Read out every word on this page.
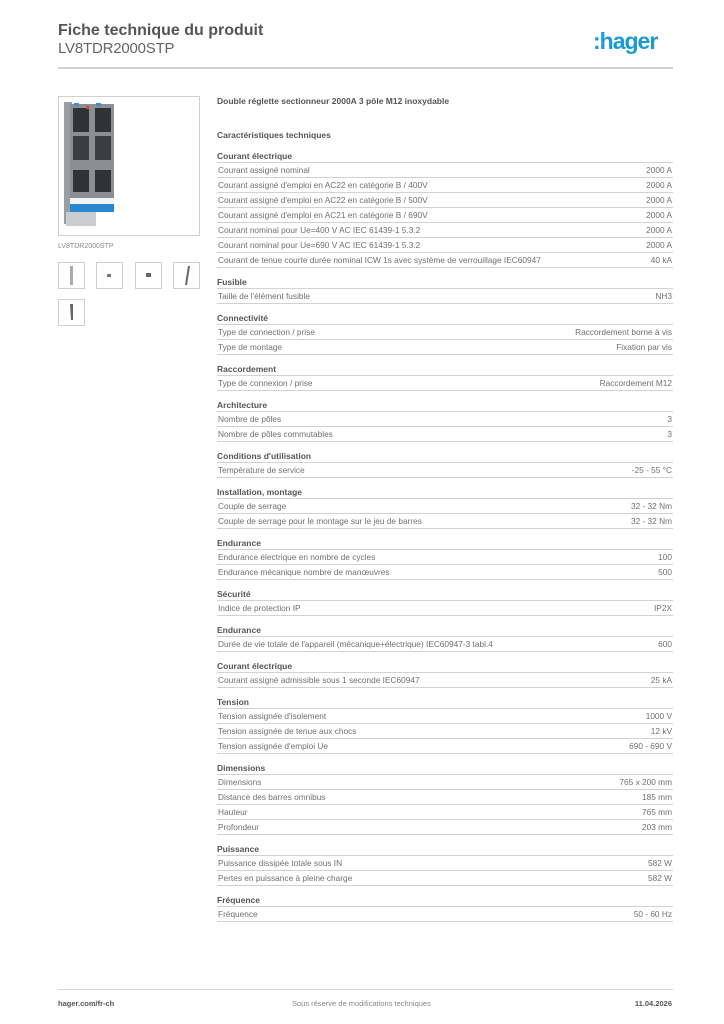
Fiche technique du produit
LV8TDR2000STP	:hager
LV8TDR2000STP
Double réglette sectionneur 2000A 3 pôle M12 inoxydable
Caractéristiques techniques
Courant électrique
Courant assigné nominal	2000 A
Courant assigné d'emploi en AC22 en catégorie B / 400V	2000 A
Courant assigné d'emploi en AC22 en catégorie B / 500V	2000 A
Courant assigné d'emploi en AC21 en catégorie B / 690V	2000 A
Courant nominal pour Ue=400 V AC IEC 61439-1 5.3.2	2000 A
Courant nominal pour Ue=690 V AC IEC 61439-1 5.3.2	2000 A
Courant de tenue courte durée nominal ICW 1s avec système de verrouillage IEC60947	40 kA
Fusible
Taille de l'élément fusible	NH3
Connectivité
Type de connection / prise	Raccordement borne à vis
Type de montage	Fixation par vis
Raccordement
Type de connexion / prise	Raccordement M12
Architecture
Nombre de pôles	3
Nombre de pôles commutables	3
Conditions d'utilisation
Température de service	-25 - 55 °C
Installation, montage
Couple de serrage	32 - 32 Nm
Couple de serrage pour le montage sur le jeu de barres	32 - 32 Nm
Endurance
Endurance électrique en nombre de cycles	100
Endurance mécanique nombre de manœuvres	500
Sécurité
Indice de protection IP	IP2X
Endurance
Durée de vie totale de l'appareil (mécanique+électrique) IEC60947-3 tabl.4	600
Courant électrique
Courant assigné admissible sous 1 seconde IEC60947	25 kA
Tension
Tension assignée d'isolement	1000 V
Tension assignée de tenue aux chocs	12 kV
Tension assignée d'emploi Ue	690 - 690 V
Dimensions
Dimensions	765 x 200 mm
Distance des barres omnibus	185 mm
Hauteur	765 mm
Profondeur	203 mm
Puissance
Puissance dissipée totale sous IN	582 W
Pertes en puissance à pleine charge	582 W
Fréquence
Fréquence	50 - 60 Hz
hager.com/fr-ch	Sous réserve de modifications techniques	11.04.2026
